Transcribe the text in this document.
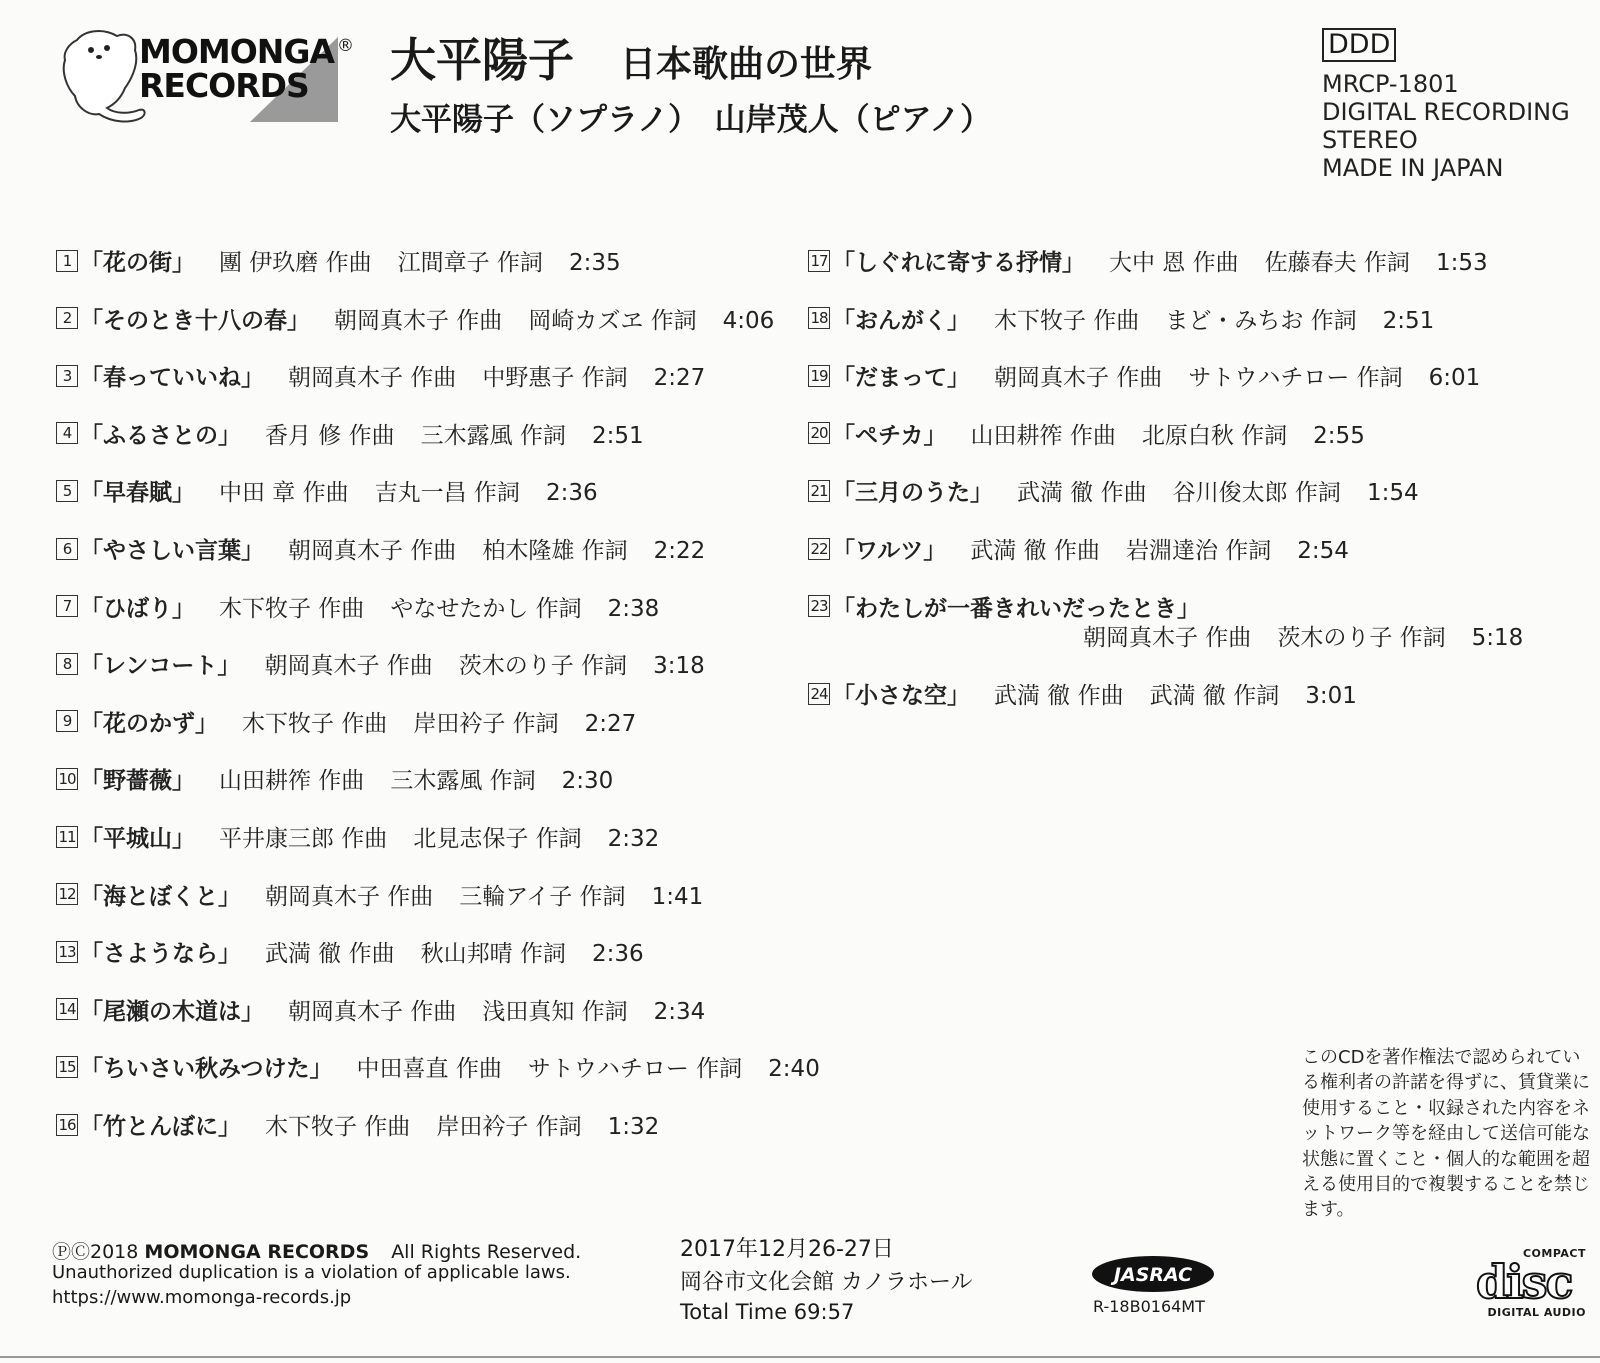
MOMONGA
RECORDS
® 大平陽子 日本歌曲の世界
大平陽子（ソプラノ）　山岸茂人（ピアノ）
DDD
MRCP-1801
DIGITAL RECORDING
STEREO
MADE IN JAPAN
1 「花の街」 團 伊玖磨 作曲 江間章子 作詞 2:35
2 「そのとき十八の春」 朝岡真木子 作曲 岡崎カズヱ 作詞 4:06
3 「春っていいね」 朝岡真木子 作曲 中野惠子 作詞 2:27
4 「ふるさとの」 香月 修 作曲 三木露風 作詞 2:51
5 「早春賦」 中田 章 作曲 吉丸一昌 作詞 2:36
6 「やさしい言葉」 朝岡真木子 作曲 柏木隆雄 作詞 2:22
7 「ひばり」 木下牧子 作曲 やなせたかし 作詞 2:38
8 「レンコート」 朝岡真木子 作曲 茨木のり子 作詞 3:18
9 「花のかず」 木下牧子 作曲 岸田衿子 作詞 2:27
10 「野薔薇」 山田耕筰 作曲 三木露風 作詞 2:30
11 「平城山」 平井康三郎 作曲 北見志保子 作詞 2:32
12 「海とぼくと」 朝岡真木子 作曲 三輪アイ子 作詞 1:41
13 「さようなら」 武満 徹 作曲 秋山邦晴 作詞 2:36
14 「尾瀬の木道は」 朝岡真木子 作曲 浅田真知 作詞 2:34
15 「ちいさい秋みつけた」 中田喜直 作曲 サトウハチロー 作詞 2:40
16 「竹とんぼに」 木下牧子 作曲 岸田衿子 作詞 1:32
17 「しぐれに寄する抒情」 大中 恩 作曲 佐藤春夫 作詞 1:53
18 「おんがく」 木下牧子 作曲 まど・みちお 作詞 2:51
19 「だまって」 朝岡真木子 作曲 サトウハチロー 作詞 6:01
20 「ペチカ」 山田耕筰 作曲 北原白秋 作詞 2:55
21 「三月のうた」 武満 徹 作曲 谷川俊太郎 作詞 1:54
22 「ワルツ」 武満 徹 作曲 岩淵達治 作詞 2:54
23 「わたしが一番きれいだったとき」
朝岡真木子 作曲 茨木のり子 作詞 5:18
24 「小さな空」 武満 徹 作曲 武満 徹 作詞 3:01
このCDを著作権法で認められている権利者の許諾を得ずに、賃貸業に使用すること・収録された内容をネットワーク等を経由して送信可能な状態に置くこと・個人的な範囲を超える使用目的で複製することを禁じます。
ⓅⒸ2018 MOMONGA RECORDS All Rights Reserved.
Unauthorized duplication is a violation of applicable laws.
https://www.momonga-records.jp
2017年12月26-27日
岡谷市文化会館 カノラホール
Total Time 69:57
JASRAC
R-18B0164MT
COMPACT
disc
DIGITAL AUDIO
